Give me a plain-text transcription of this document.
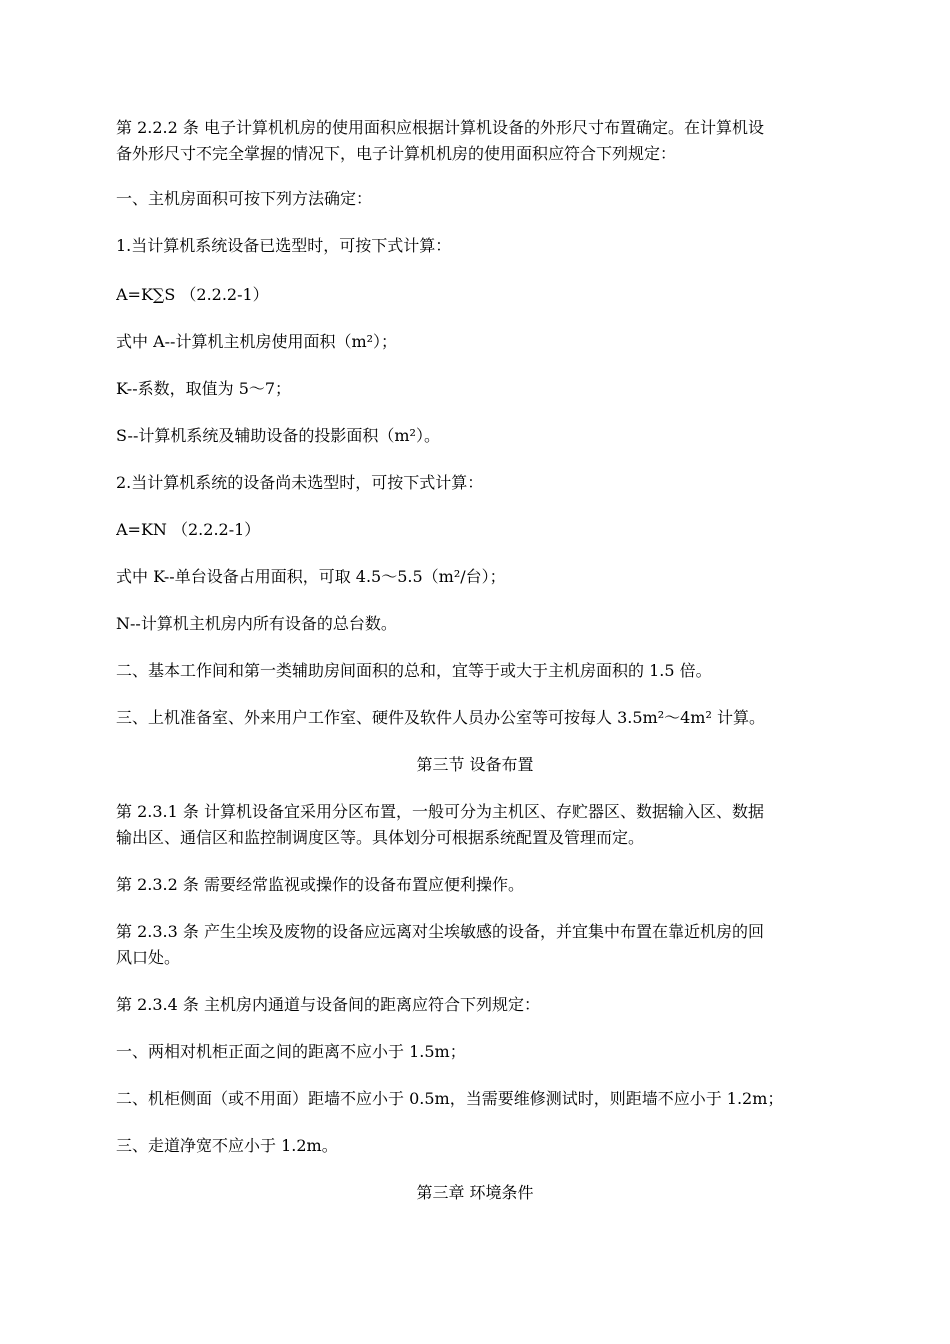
第 2.2.2 条 电子计算机机房的使用面积应根据计算机设备的外形尺寸布置确定。在计算机设

备外形尺寸不完全掌握的情况下，电子计算机机房的使用面积应符合下列规定：

一、主机房面积可按下列方法确定：

1.当计算机系统设备已选型时，可按下式计算：

A=K∑S （2.2.2-1）

式中 A--计算机主机房使用面积（m²）；

K--系数，取值为 5～7；

S--计算机系统及辅助设备的投影面积（m²）。

2.当计算机系统的设备尚未选型时，可按下式计算：

A=KN （2.2.2-1）

式中 K--单台设备占用面积，可取 4.5～5.5（m²/台）；

N--计算机主机房内所有设备的总台数。

二、基本工作间和第一类辅助房间面积的总和，宜等于或大于主机房面积的 1.5 倍。

三、上机准备室、外来用户工作室、硬件及软件人员办公室等可按每人 3.5m²～4m² 计算。

第三节 设备布置

第 2.3.1 条 计算机设备宜采用分区布置，一般可分为主机区、存贮器区、数据输入区、数据

输出区、通信区和监控制调度区等。具体划分可根据系统配置及管理而定。

第 2.3.2 条 需要经常监视或操作的设备布置应便利操作。

第 2.3.3 条 产生尘埃及废物的设备应远离对尘埃敏感的设备，并宜集中布置在靠近机房的回

风口处。

第 2.3.4 条 主机房内通道与设备间的距离应符合下列规定：

一、两相对机柜正面之间的距离不应小于 1.5m；

二、机柜侧面（或不用面）距墙不应小于 0.5m，当需要维修测试时，则距墙不应小于 1.2m；

三、走道净宽不应小于 1.2m。

第三章 环境条件
